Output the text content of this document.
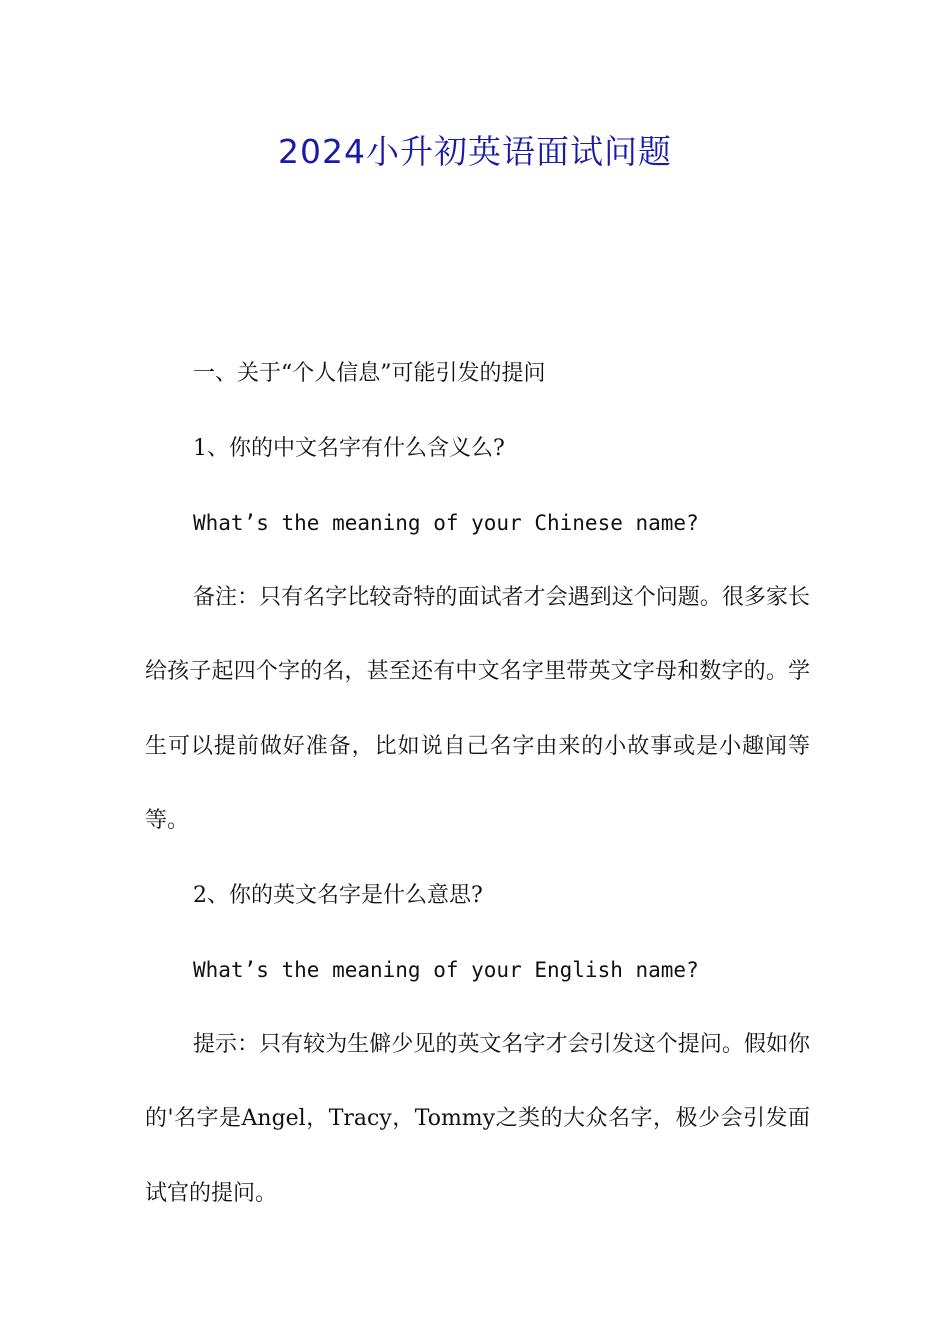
2024小升初英语面试问题

一、关于“个人信息”可能引发的提问

1、你的中文名字有什么含义么?

What’s the meaning of your Chinese name?

备注：只有名字比较奇特的面试者才会遇到这个问题。很多家长给孩子起四个字的名，甚至还有中文名字里带英文字母和数字的。学生可以提前做好准备，比如说自己名字由来的小故事或是小趣闻等等。

2、你的英文名字是什么意思?

What’s the meaning of your English name?

提示：只有较为生僻少见的英文名字才会引发这个提问。假如你的'名字是Angel，Tracy，Tommy之类的大众名字，极少会引发面试官的提问。
